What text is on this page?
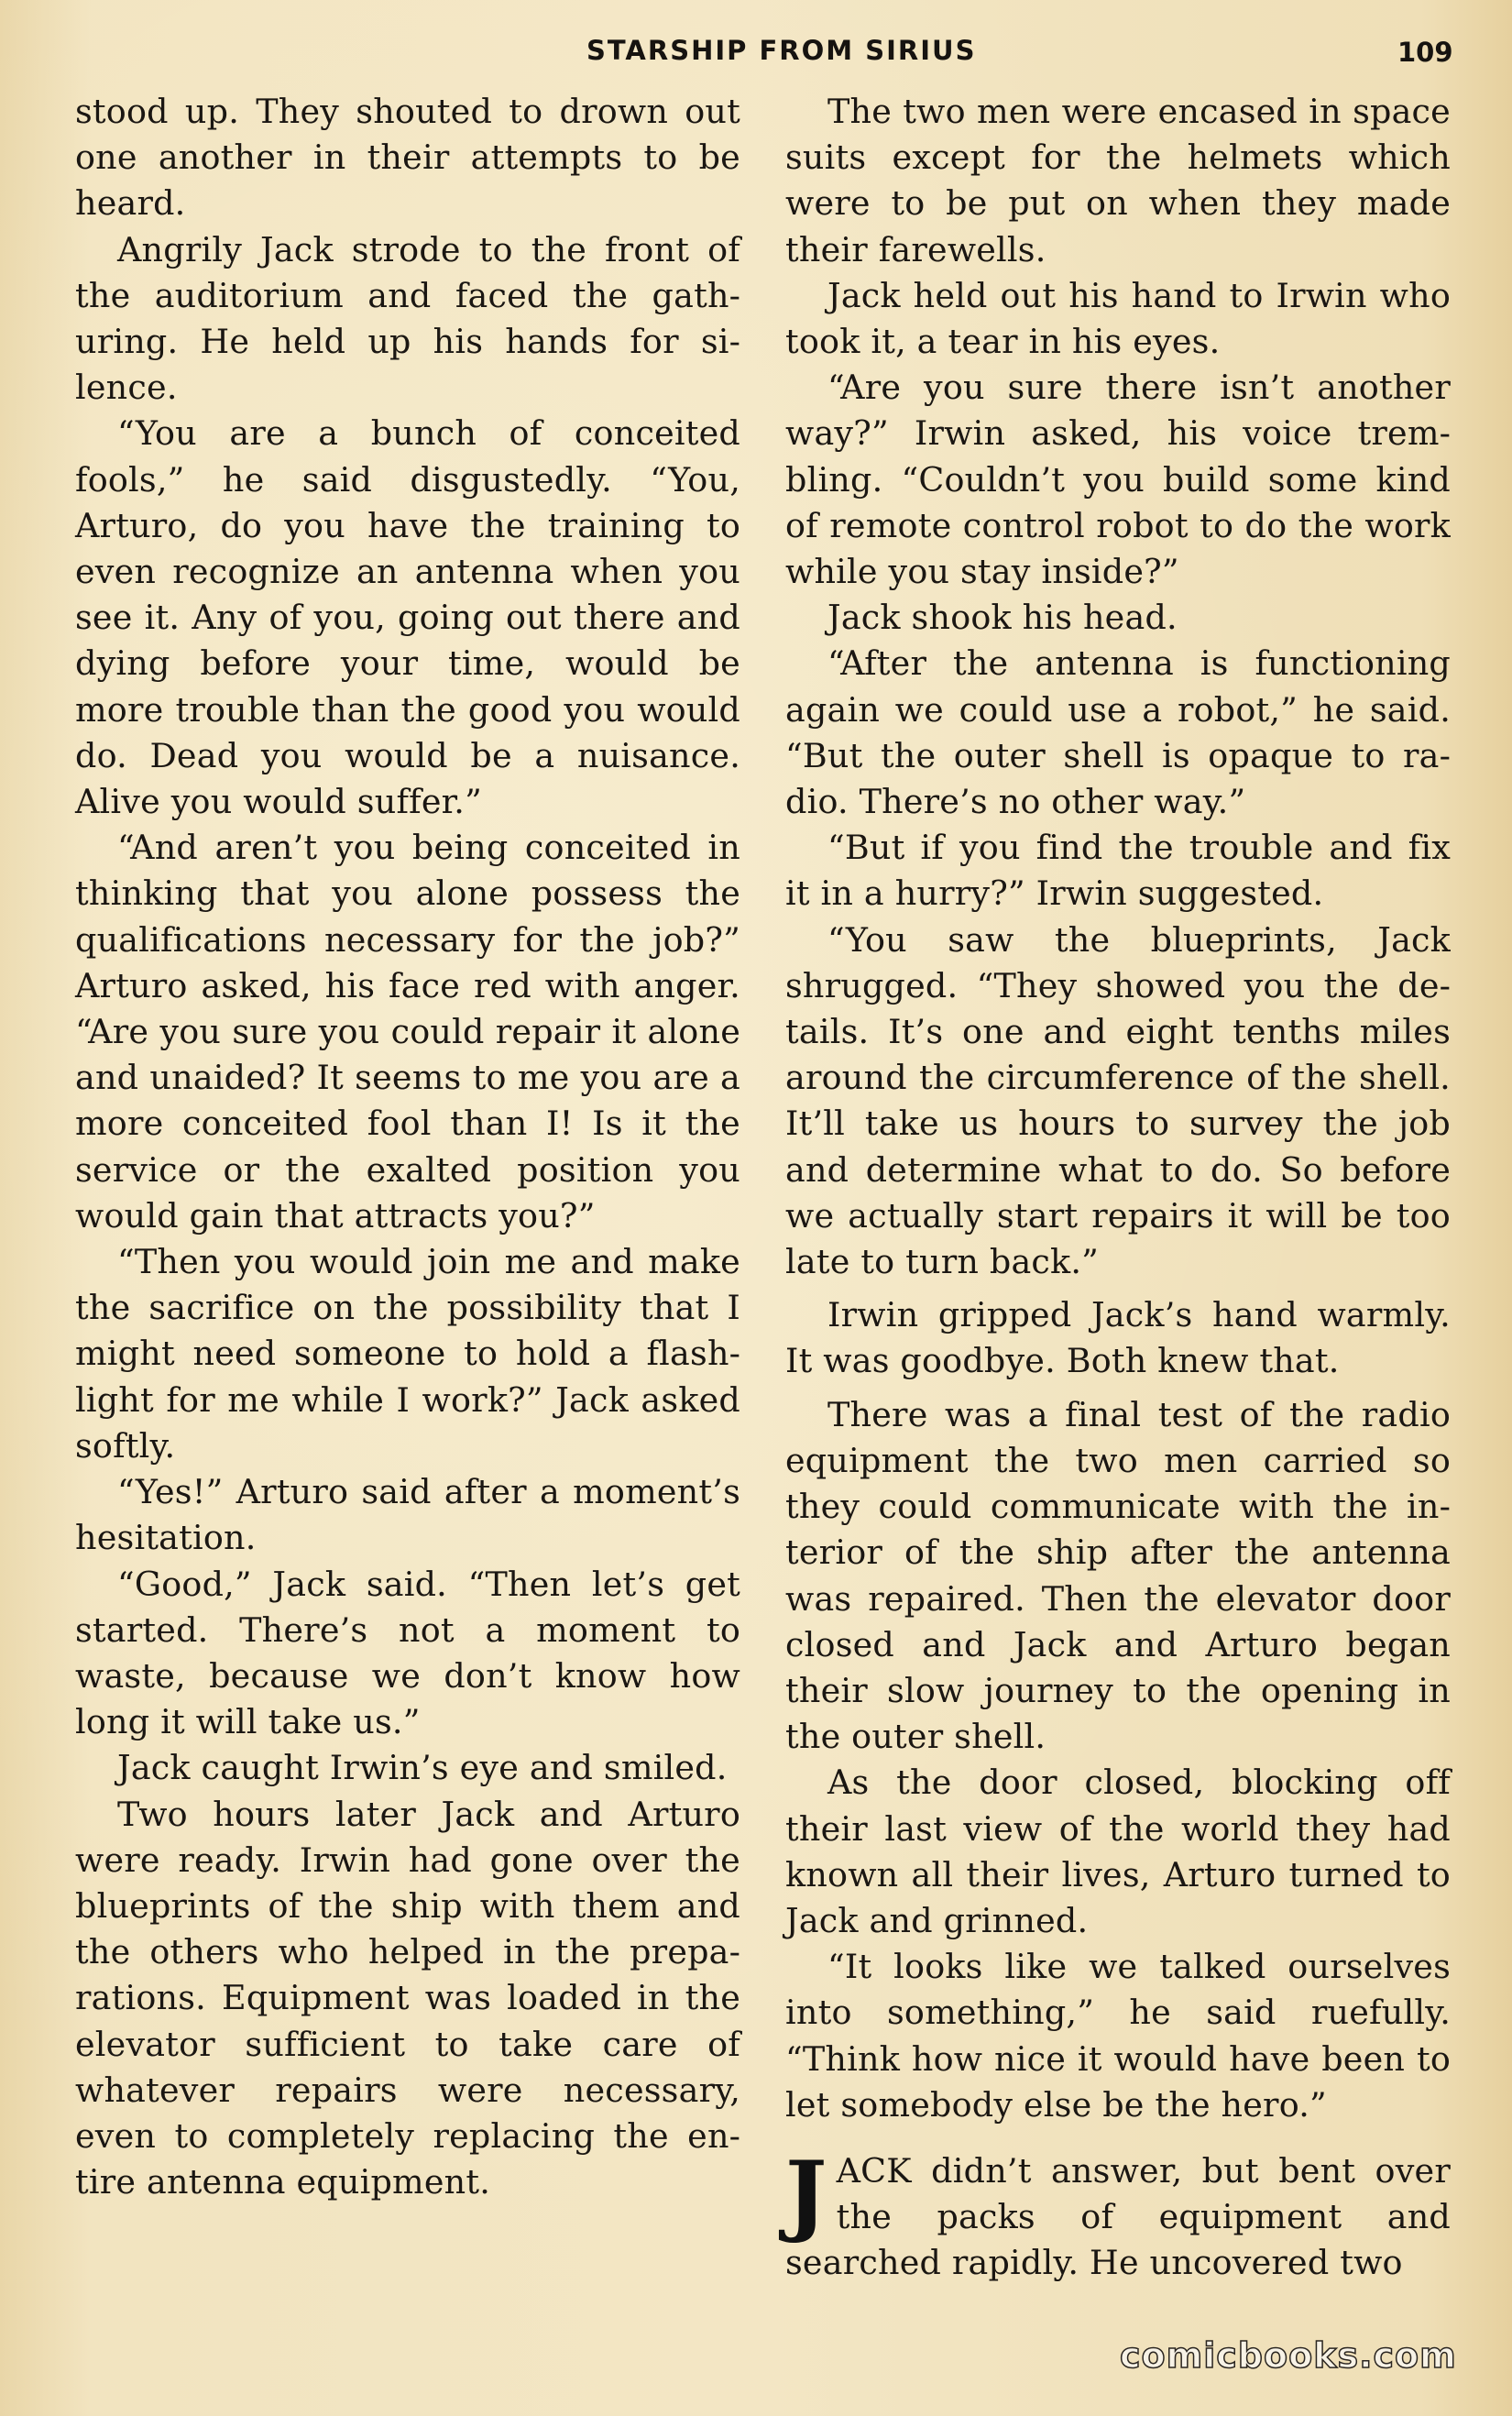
STARSHIP FROM SIRIUS	109

stood up. They shouted to drown out one another in their attempts to be heard.

Angrily Jack strode to the front of the auditorium and faced the gathuring. He held up his hands for silence.

“You are a bunch of conceited fools,” he said disgustedly. “You, Arturo, do you have the training to even recognize an antenna when you see it. Any of you, going out there and dying before your time, would be more trouble than the good you would do. Dead you would be a nuisance. Alive you would suffer.”

“And aren’t you being conceited in thinking that you alone possess the qualifications necessary for the job?” Arturo asked, his face red with anger. “Are you sure you could repair it alone and unaided? It seems to me you are a more conceited fool than I! Is it the service or the exalted position you would gain that attracts you?”

“Then you would join me and make the sacrifice on the possibility that I might need someone to hold a flashlight for me while I work?” Jack asked softly.

“Yes!” Arturo said after a moment’s hesitation.

“Good,” Jack said. “Then let’s get started. There’s not a moment to waste, because we don’t know how long it will take us.”

Jack caught Irwin’s eye and smiled.

Two hours later Jack and Arturo were ready. Irwin had gone over the blueprints of the ship with them and the others who helped in the preparations. Equipment was loaded in the elevator sufficient to take care of whatever repairs were necessary, even to completely replacing the entire antenna equipment.

The two men were encased in space suits except for the helmets which were to be put on when they made their farewells.

Jack held out his hand to Irwin who took it, a tear in his eyes.

“Are you sure there isn’t another way?” Irwin asked, his voice trembling. “Couldn’t you build some kind of remote control robot to do the work while you stay inside?”

Jack shook his head.

“After the antenna is functioning again we could use a robot,” he said. “But the outer shell is opaque to radio. There’s no other way.”

“But if you find the trouble and fix it in a hurry?” Irwin suggested.

“You saw the blueprints, Jack shrugged. “They showed you the details. It’s one and eight tenths miles around the circumference of the shell. It’ll take us hours to survey the job and determine what to do. So before we actually start repairs it will be too late to turn back.”

Irwin gripped Jack’s hand warmly. It was goodbye. Both knew that.

There was a final test of the radio equipment the two men carried so they could communicate with the interior of the ship after the antenna was repaired. Then the elevator door closed and Jack and Arturo began their slow journey to the opening in the outer shell.

As the door closed, blocking off their last view of the world they had known all their lives, Arturo turned to Jack and grinned.

“It looks like we talked ourselves into something,” he said ruefully. “Think how nice it would have been to let somebody else be the hero.”

J ACK didn’t answer, but bent over the packs of equipment and searched rapidly. He uncovered two

comicbooks.com
